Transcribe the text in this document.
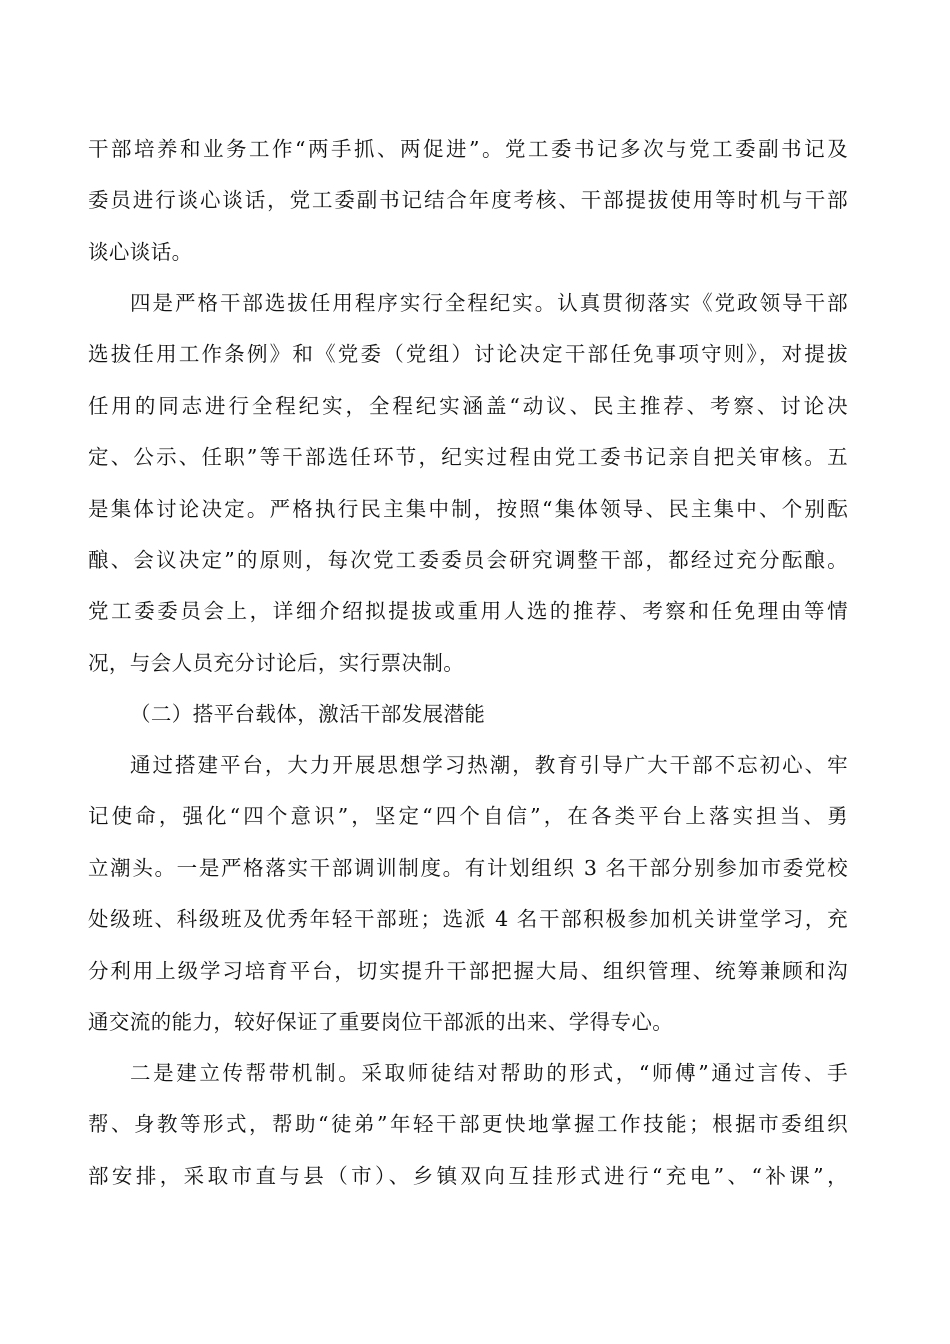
干部培养和业务工作“两手抓、两促进”。党工委书记多次与党工委副书记及
委员进行谈心谈话，党工委副书记结合年度考核、干部提拔使用等时机与干部
谈心谈话。
四是严格干部选拔任用程序实行全程纪实。认真贯彻落实《党政领导干部
选拔任用工作条例》和《党委（党组）讨论决定干部任免事项守则》，对提拔
任用的同志进行全程纪实，全程纪实涵盖“动议、民主推荐、考察、讨论决
定、公示、任职”等干部选任环节，纪实过程由党工委书记亲自把关审核。五
是集体讨论决定。严格执行民主集中制，按照“集体领导、民主集中、个别酝
酿、会议决定”的原则，每次党工委委员会研究调整干部，都经过充分酝酿。
党工委委员会上，详细介绍拟提拔或重用人选的推荐、考察和任免理由等情
况，与会人员充分讨论后，实行票决制。
（二）搭平台载体，激活干部发展潜能
通过搭建平台，大力开展思想学习热潮，教育引导广大干部不忘初心、牢
记使命，强化“四个意识”，坚定“四个自信”，在各类平台上落实担当、勇
立潮头。一是严格落实干部调训制度。有计划组织 3 名干部分别参加市委党校
处级班、科级班及优秀年轻干部班；选派 4 名干部积极参加机关讲堂学习，充
分利用上级学习培育平台，切实提升干部把握大局、组织管理、统筹兼顾和沟
通交流的能力，较好保证了重要岗位干部派的出来、学得专心。
二是建立传帮带机制。采取师徒结对帮助的形式，“师傅”通过言传、手
帮、身教等形式，帮助“徒弟”年轻干部更快地掌握工作技能；根据市委组织
部安排，采取市直与县（市）、乡镇双向互挂形式进行“充电”、“补课”，
